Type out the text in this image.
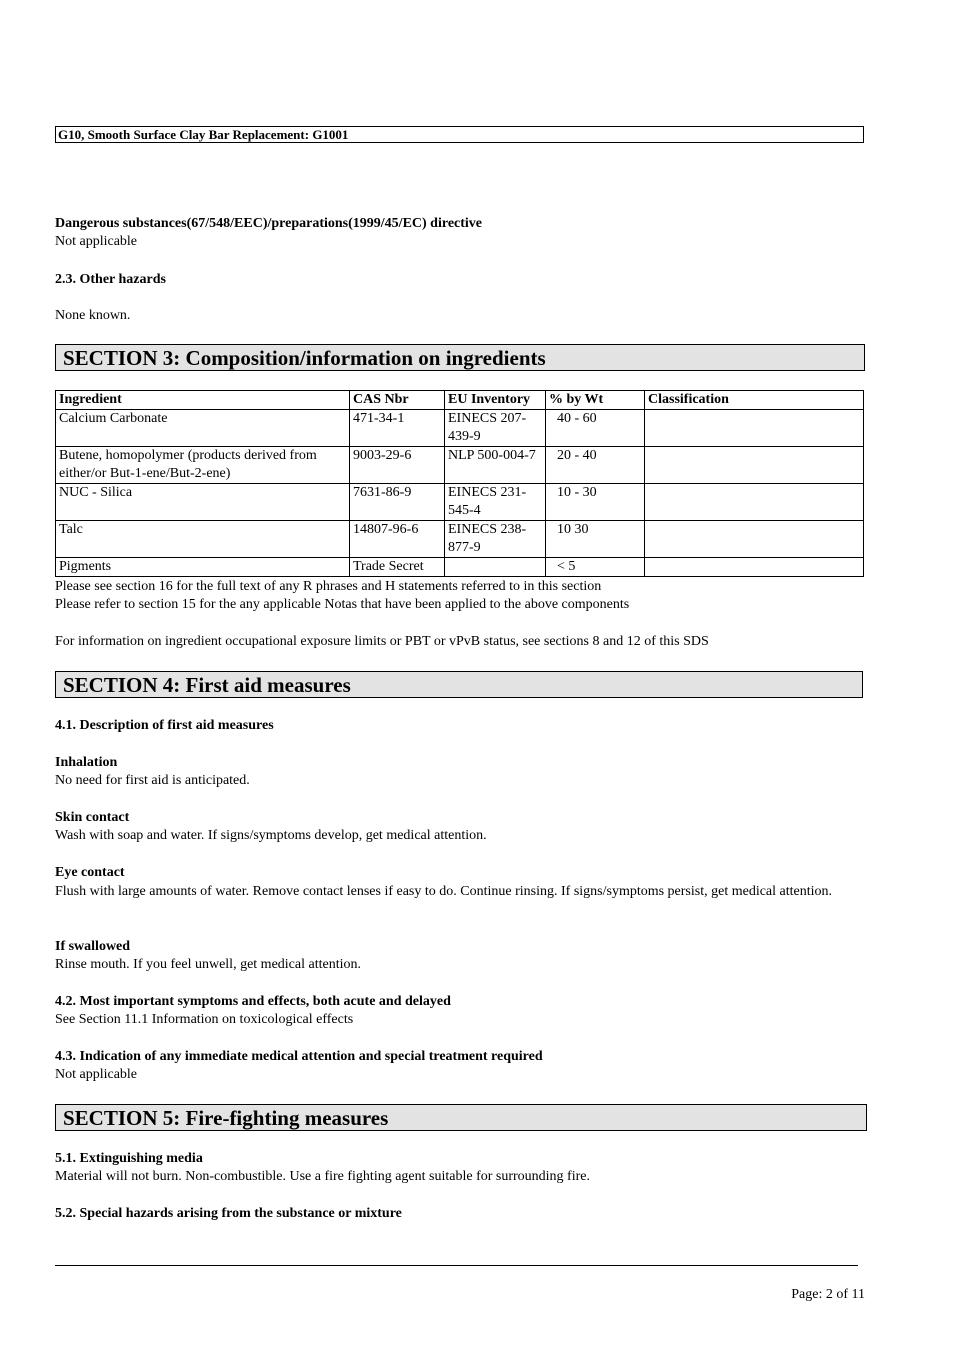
G10, Smooth Surface Clay Bar Replacement: G1001
Dangerous substances(67/548/EEC)/preparations(1999/45/EC) directive
Not applicable
2.3. Other hazards
None known.
SECTION 3: Composition/information on ingredients
Ingredient	CAS Nbr	EU Inventory	% by Wt	Classification
Calcium Carbonate	471-34-1	EINECS 207-439-9	40 - 60	
Butene, homopolymer (products derived from either/or But-1-ene/But-2-ene)	9003-29-6	NLP 500-004-7	20 - 40	
NUC - Silica	7631-86-9	EINECS 231-545-4	10 - 30	
Talc	14807-96-6	EINECS 238-877-9	10 30	
Pigments	Trade Secret		< 5	
Please see section 16 for the full text of any R phrases and H statements referred to in this section
Please refer to section 15 for the any applicable Notas that have been applied to the above components
For information on ingredient occupational exposure limits or PBT or vPvB status, see sections 8 and 12 of this SDS
SECTION 4: First aid measures
4.1. Description of first aid measures
Inhalation
No need for first aid is anticipated.
Skin contact
Wash with soap and water. If signs/symptoms develop, get medical attention.
Eye contact
Flush with large amounts of water. Remove contact lenses if easy to do. Continue rinsing. If signs/symptoms persist, get medical attention.
If swallowed
Rinse mouth. If you feel unwell, get medical attention.
4.2. Most important symptoms and effects, both acute and delayed
See Section 11.1 Information on toxicological effects
4.3. Indication of any immediate medical attention and special treatment required
Not applicable
SECTION 5: Fire-fighting measures
5.1. Extinguishing media
Material will not burn. Non-combustible. Use a fire fighting agent suitable for surrounding fire.
5.2. Special hazards arising from the substance or mixture
Page: 2 of 11
